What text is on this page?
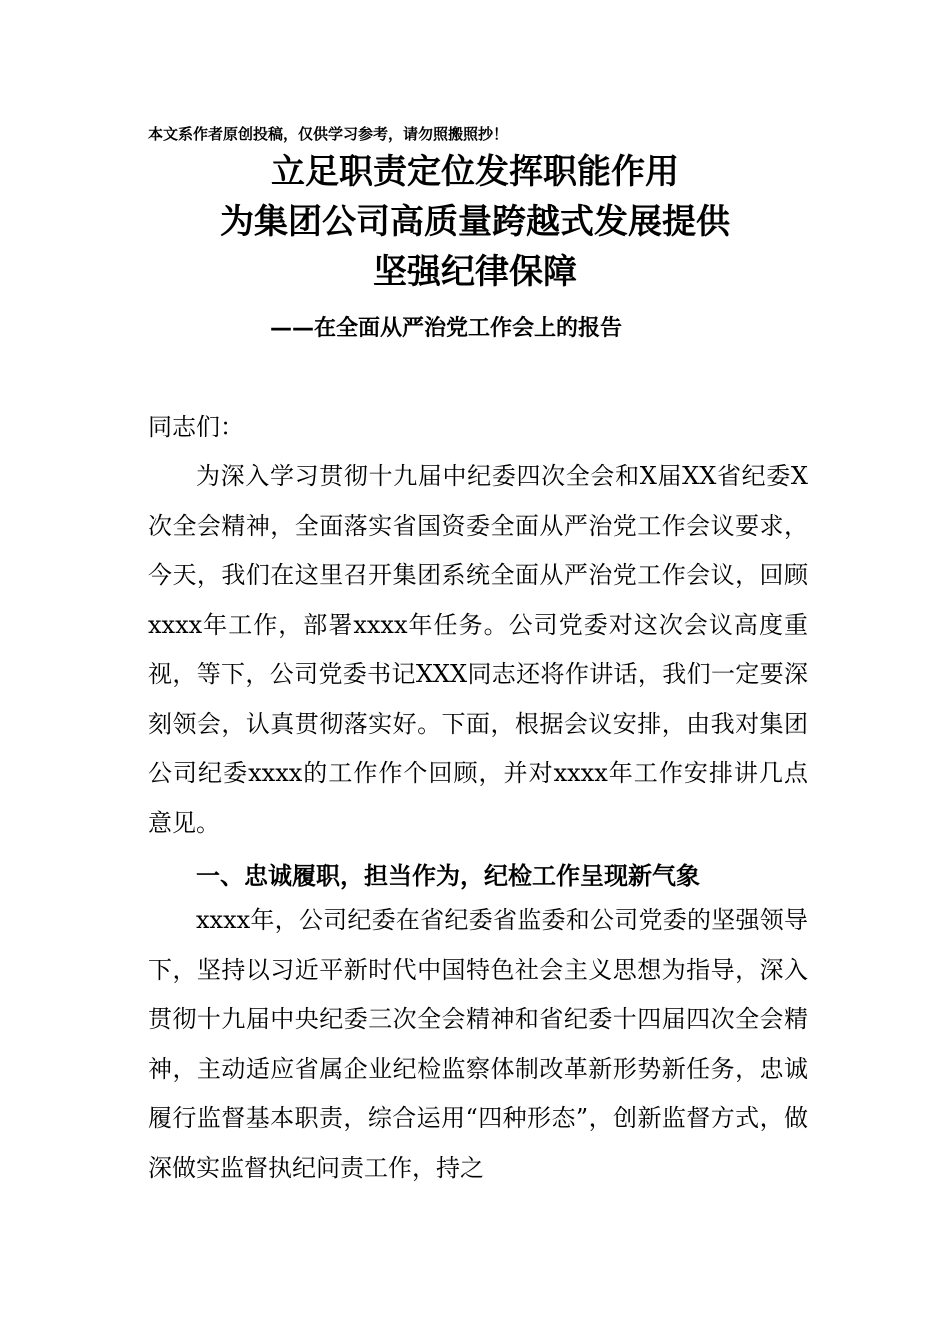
本文系作者原创投稿，仅供学习参考，请勿照搬照抄！
立足职责定位发挥职能作用
为集团公司高质量跨越式发展提供
坚强纪律保障
——在全面从严治党工作会上的报告
同志们：

为深入学习贯彻十九届中纪委四次全会和X届XX省纪委X次全会精神，全面落实省国资委全面从严治党工作会议要求，今天，我们在这里召开集团系统全面从严治党工作会议，回顾xxxx年工作，部署xxxx年任务。公司党委对这次会议高度重视，等下，公司党委书记XXX同志还将作讲话，我们一定要深刻领会，认真贯彻落实好。下面，根据会议安排，由我对集团公司纪委xxxx的工作作个回顾，并对xxxx年工作安排讲几点意见。

一、忠诚履职，担当作为，纪检工作呈现新气象

xxxx年，公司纪委在省纪委省监委和公司党委的坚强领导下，坚持以习近平新时代中国特色社会主义思想为指导，深入贯彻十九届中央纪委三次全会精神和省纪委十四届四次全会精神，主动适应省属企业纪检监察体制改革新形势新任务，忠诚履行监督基本职责，综合运用“四种形态”，创新监督方式，做深做实监督执纪问责工作，持之
